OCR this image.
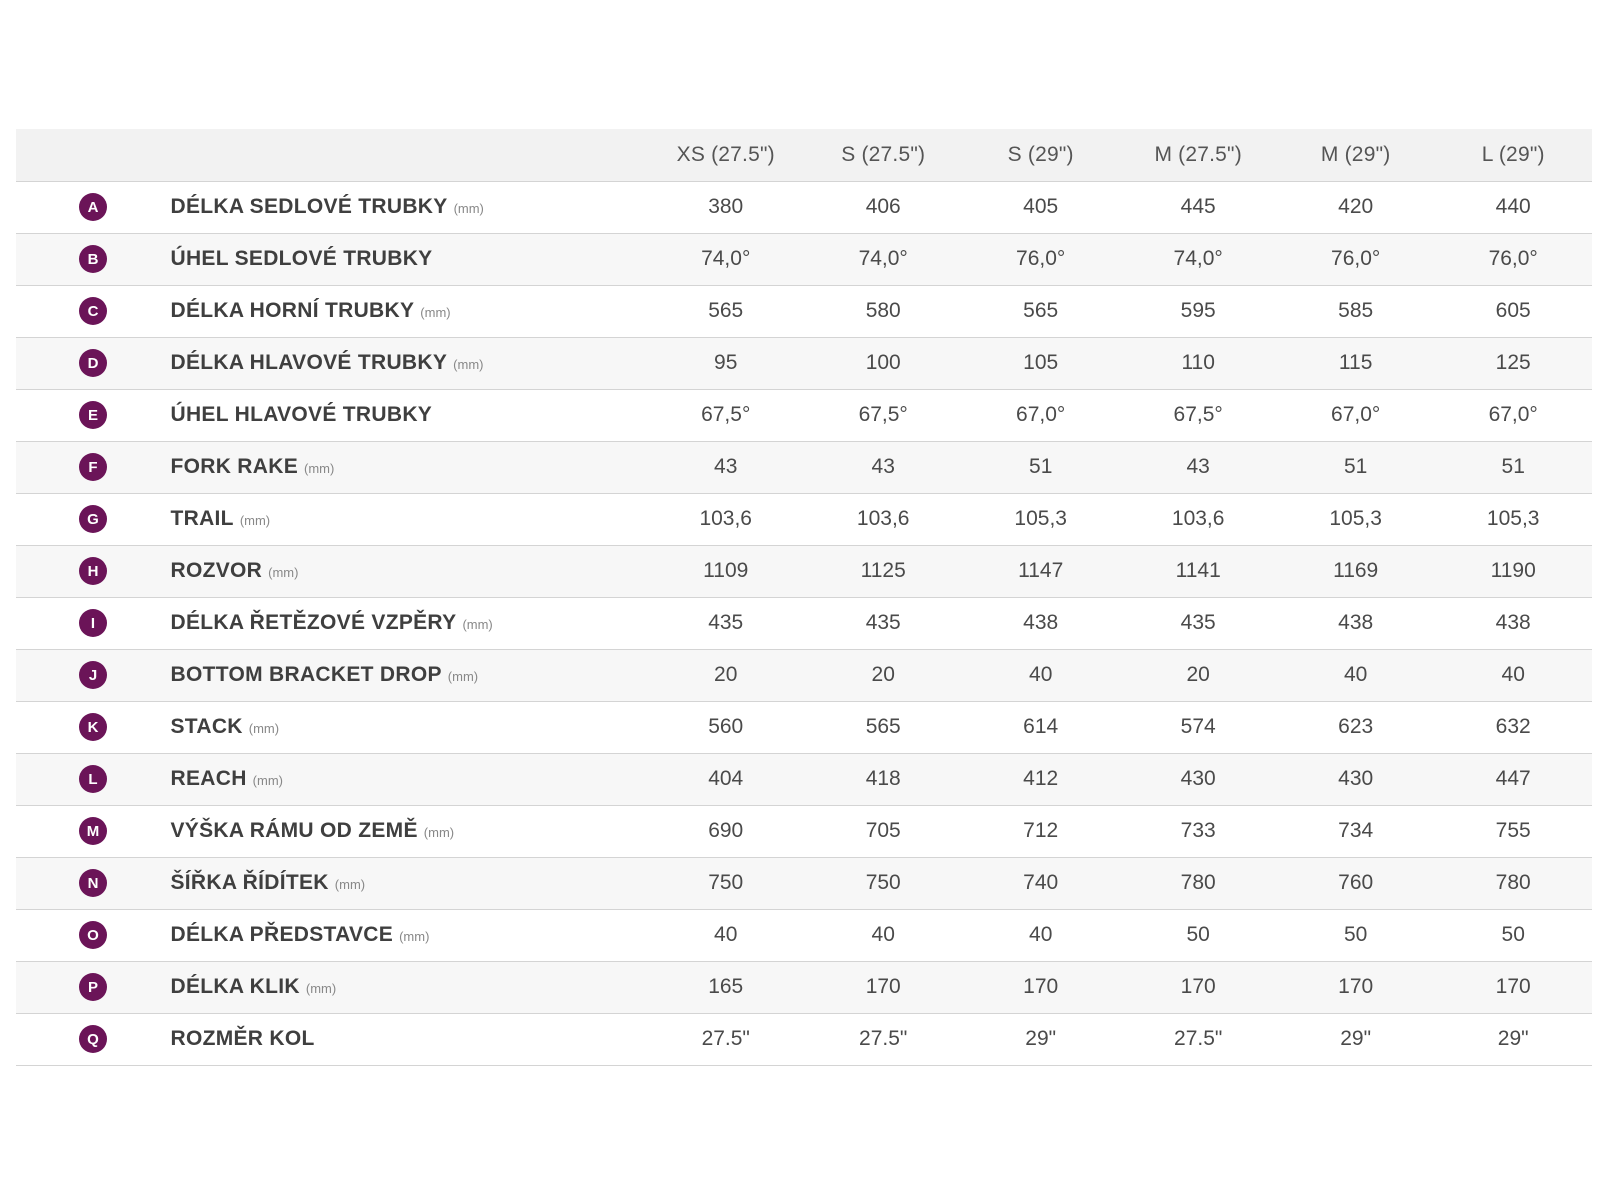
		XS (27.5")	S (27.5")	S (29")	M (27.5")	M (29")	L (29")
A	DÉLKA SEDLOVÉ TRUBKY (mm)	380	406	405	445	420	440
B	ÚHEL SEDLOVÉ TRUBKY	74,0°	74,0°	76,0°	74,0°	76,0°	76,0°
C	DÉLKA HORNÍ TRUBKY (mm)	565	580	565	595	585	605
D	DÉLKA HLAVOVÉ TRUBKY (mm)	95	100	105	110	115	125
E	ÚHEL HLAVOVÉ TRUBKY	67,5°	67,5°	67,0°	67,5°	67,0°	67,0°
F	FORK RAKE (mm)	43	43	51	43	51	51
G	TRAIL (mm)	103,6	103,6	105,3	103,6	105,3	105,3
H	ROZVOR (mm)	1109	1125	1147	1141	1169	1190
I	DÉLKA ŘETĚZOVÉ VZPĚRY (mm)	435	435	438	435	438	438
J	BOTTOM BRACKET DROP (mm)	20	20	40	20	40	40
K	STACK (mm)	560	565	614	574	623	632
L	REACH (mm)	404	418	412	430	430	447
M	VÝŠKA RÁMU OD ZEMĚ (mm)	690	705	712	733	734	755
N	ŠÍŘKA ŘÍDÍTEK (mm)	750	750	740	780	760	780
O	DÉLKA PŘEDSTAVCE (mm)	40	40	40	50	50	50
P	DÉLKA KLIK (mm)	165	170	170	170	170	170
Q	ROZMĚR KOL	27.5"	27.5"	29"	27.5"	29"	29"
